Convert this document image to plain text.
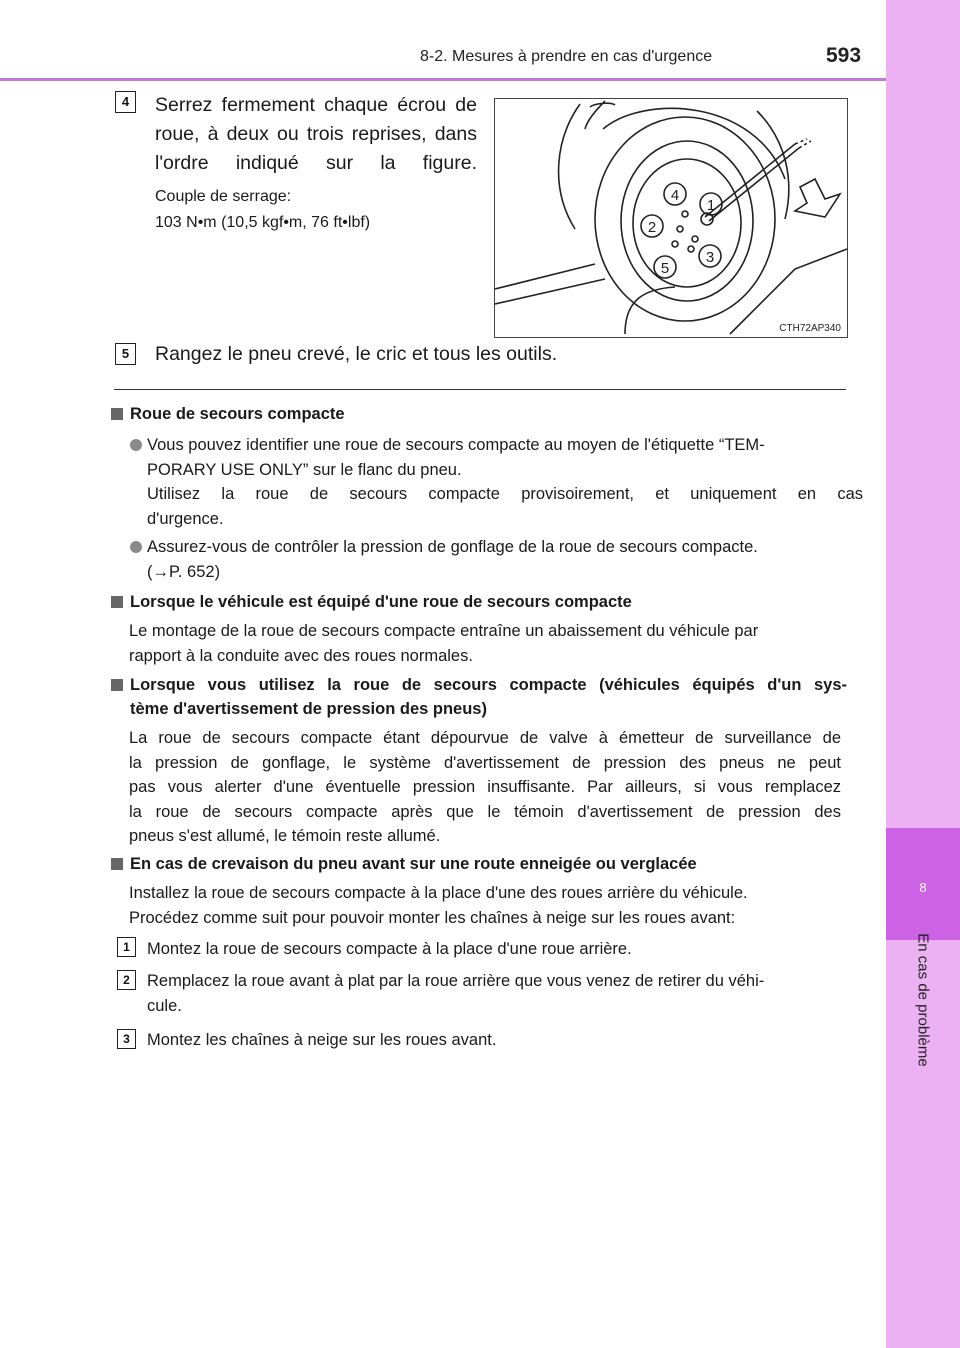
8-2. Mesures à prendre en cas d'urgence	593
8
En cas de problème
4	Serrez fermement chaque écrou de roue, à deux ou trois reprises, dans l'ordre indiqué sur la figure.
Couple de serrage:
103 N•m (10,5 kgf•m, 76 ft•lbf)
1
2
3
4
5
CTH72AP340
5	Rangez le pneu crevé, le cric et tous les outils.
Roue de secours compacte
Vous pouvez identifier une roue de secours compacte au moyen de l'étiquette “TEM-
PORARY USE ONLY” sur le flanc du pneu.
Utilisez la roue de secours compacte provisoirement, et uniquement en cas
d'urgence.
Assurez-vous de contrôler la pression de gonflage de la roue de secours compacte.
(→P. 652)
Lorsque le véhicule est équipé d'une roue de secours compacte
Le montage de la roue de secours compacte entraîne un abaissement du véhicule par
rapport à la conduite avec des roues normales.
Lorsque vous utilisez la roue de secours compacte (véhicules équipés d'un sys-
tème d'avertissement de pression des pneus)
La roue de secours compacte étant dépourvue de valve à émetteur de surveillance de
la pression de gonflage, le système d'avertissement de pression des pneus ne peut
pas vous alerter d'une éventuelle pression insuffisante. Par ailleurs, si vous remplacez
la roue de secours compacte après que le témoin d'avertissement de pression des
pneus s'est allumé, le témoin reste allumé.
En cas de crevaison du pneu avant sur une route enneigée ou verglacée
Installez la roue de secours compacte à la place d'une des roues arrière du véhicule.
Procédez comme suit pour pouvoir monter les chaînes à neige sur les roues avant:
1	Montez la roue de secours compacte à la place d'une roue arrière.
2	Remplacez la roue avant à plat par la roue arrière que vous venez de retirer du véhi-
cule.
3	Montez les chaînes à neige sur les roues avant.
